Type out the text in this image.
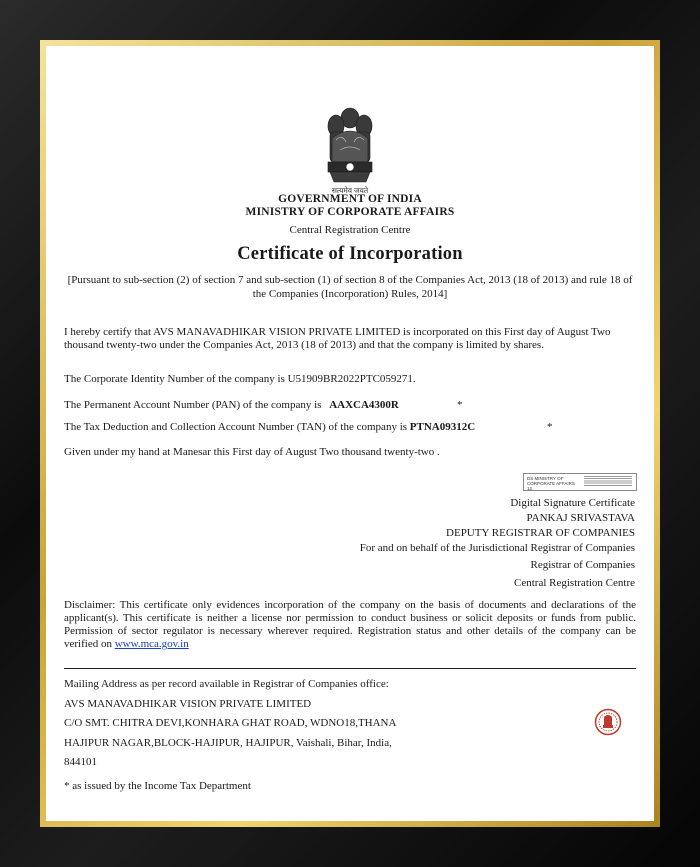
सत्यमेव जयते
GOVERNMENT OF INDIA
MINISTRY OF CORPORATE AFFAIRS
Central Registration Centre
Certificate of Incorporation
[Pursuant to sub-section (2) of section 7 and sub-section (1) of section 8 of the Companies Act, 2013 (18 of 2013) and rule 18 of the Companies (Incorporation) Rules, 2014]
I hereby certify that AVS MANAVADHIKAR VISION PRIVATE LIMITED is incorporated on this First day of August Two thousand twenty-two under the Companies Act, 2013 (18 of 2013) and that the company is limited by shares.
The Corporate Identity Number of the company is U51909BR2022PTC059271.
The Permanent Account Number (PAN) of the company is AAXCA4300R	*
The Tax Deduction and Collection Account Number (TAN) of the company is PTNA09312C	*
Given under my hand at Manesar this First day of August Two thousand twenty-two .
DS MINISTRY OF CORPORATE AFFAIRS 12
Digital Signature Certificate
PANKAJ SRIVASTAVA
DEPUTY REGISTRAR OF COMPANIES
For and on behalf of the Jurisdictional Registrar of Companies
Registrar of Companies
Central Registration Centre
Disclaimer: This certificate only evidences incorporation of the company on the basis of documents and declarations of the applicant(s). This certificate is neither a license nor permission to conduct business or solicit deposits or funds from public. Permission of sector regulator is necessary wherever required. Registration status and other details of the company can be verified on www.mca.gov.in
Mailing Address as per record available in Registrar of Companies office:
AVS MANAVADHIKAR VISION PRIVATE LIMITED
C/O SMT. CHITRA DEVI,KONHARA GHAT ROAD, WDNO18,THANA
HAJIPUR NAGAR,BLOCK-HAJIPUR, HAJIPUR, Vaishali, Bihar, India,
844101
* as issued by the Income Tax Department
